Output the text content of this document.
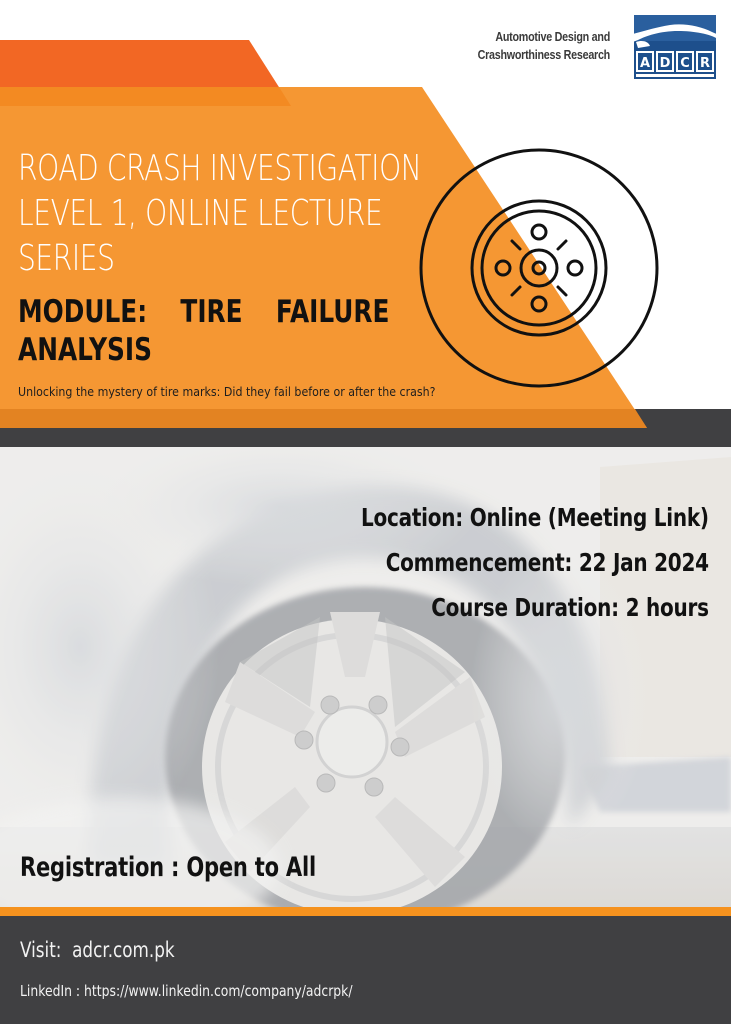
Automotive Design and
Crashworthiness Research
A D C R
ROAD CRASH INVESTIGATION
LEVEL 1, ONLINE LECTURE
SERIES
MODULE:  TIRE  FAILURE
ANALYSIS
Unlocking the mystery of tire marks: Did they fail before or after the crash?
Location: Online (Meeting Link)
Commencement: 22 Jan 2024
Course Duration: 2 hours
Registration : Open to All
Visit:  adcr.com.pk
LinkedIn : https://www.linkedin.com/company/adcrpk/
